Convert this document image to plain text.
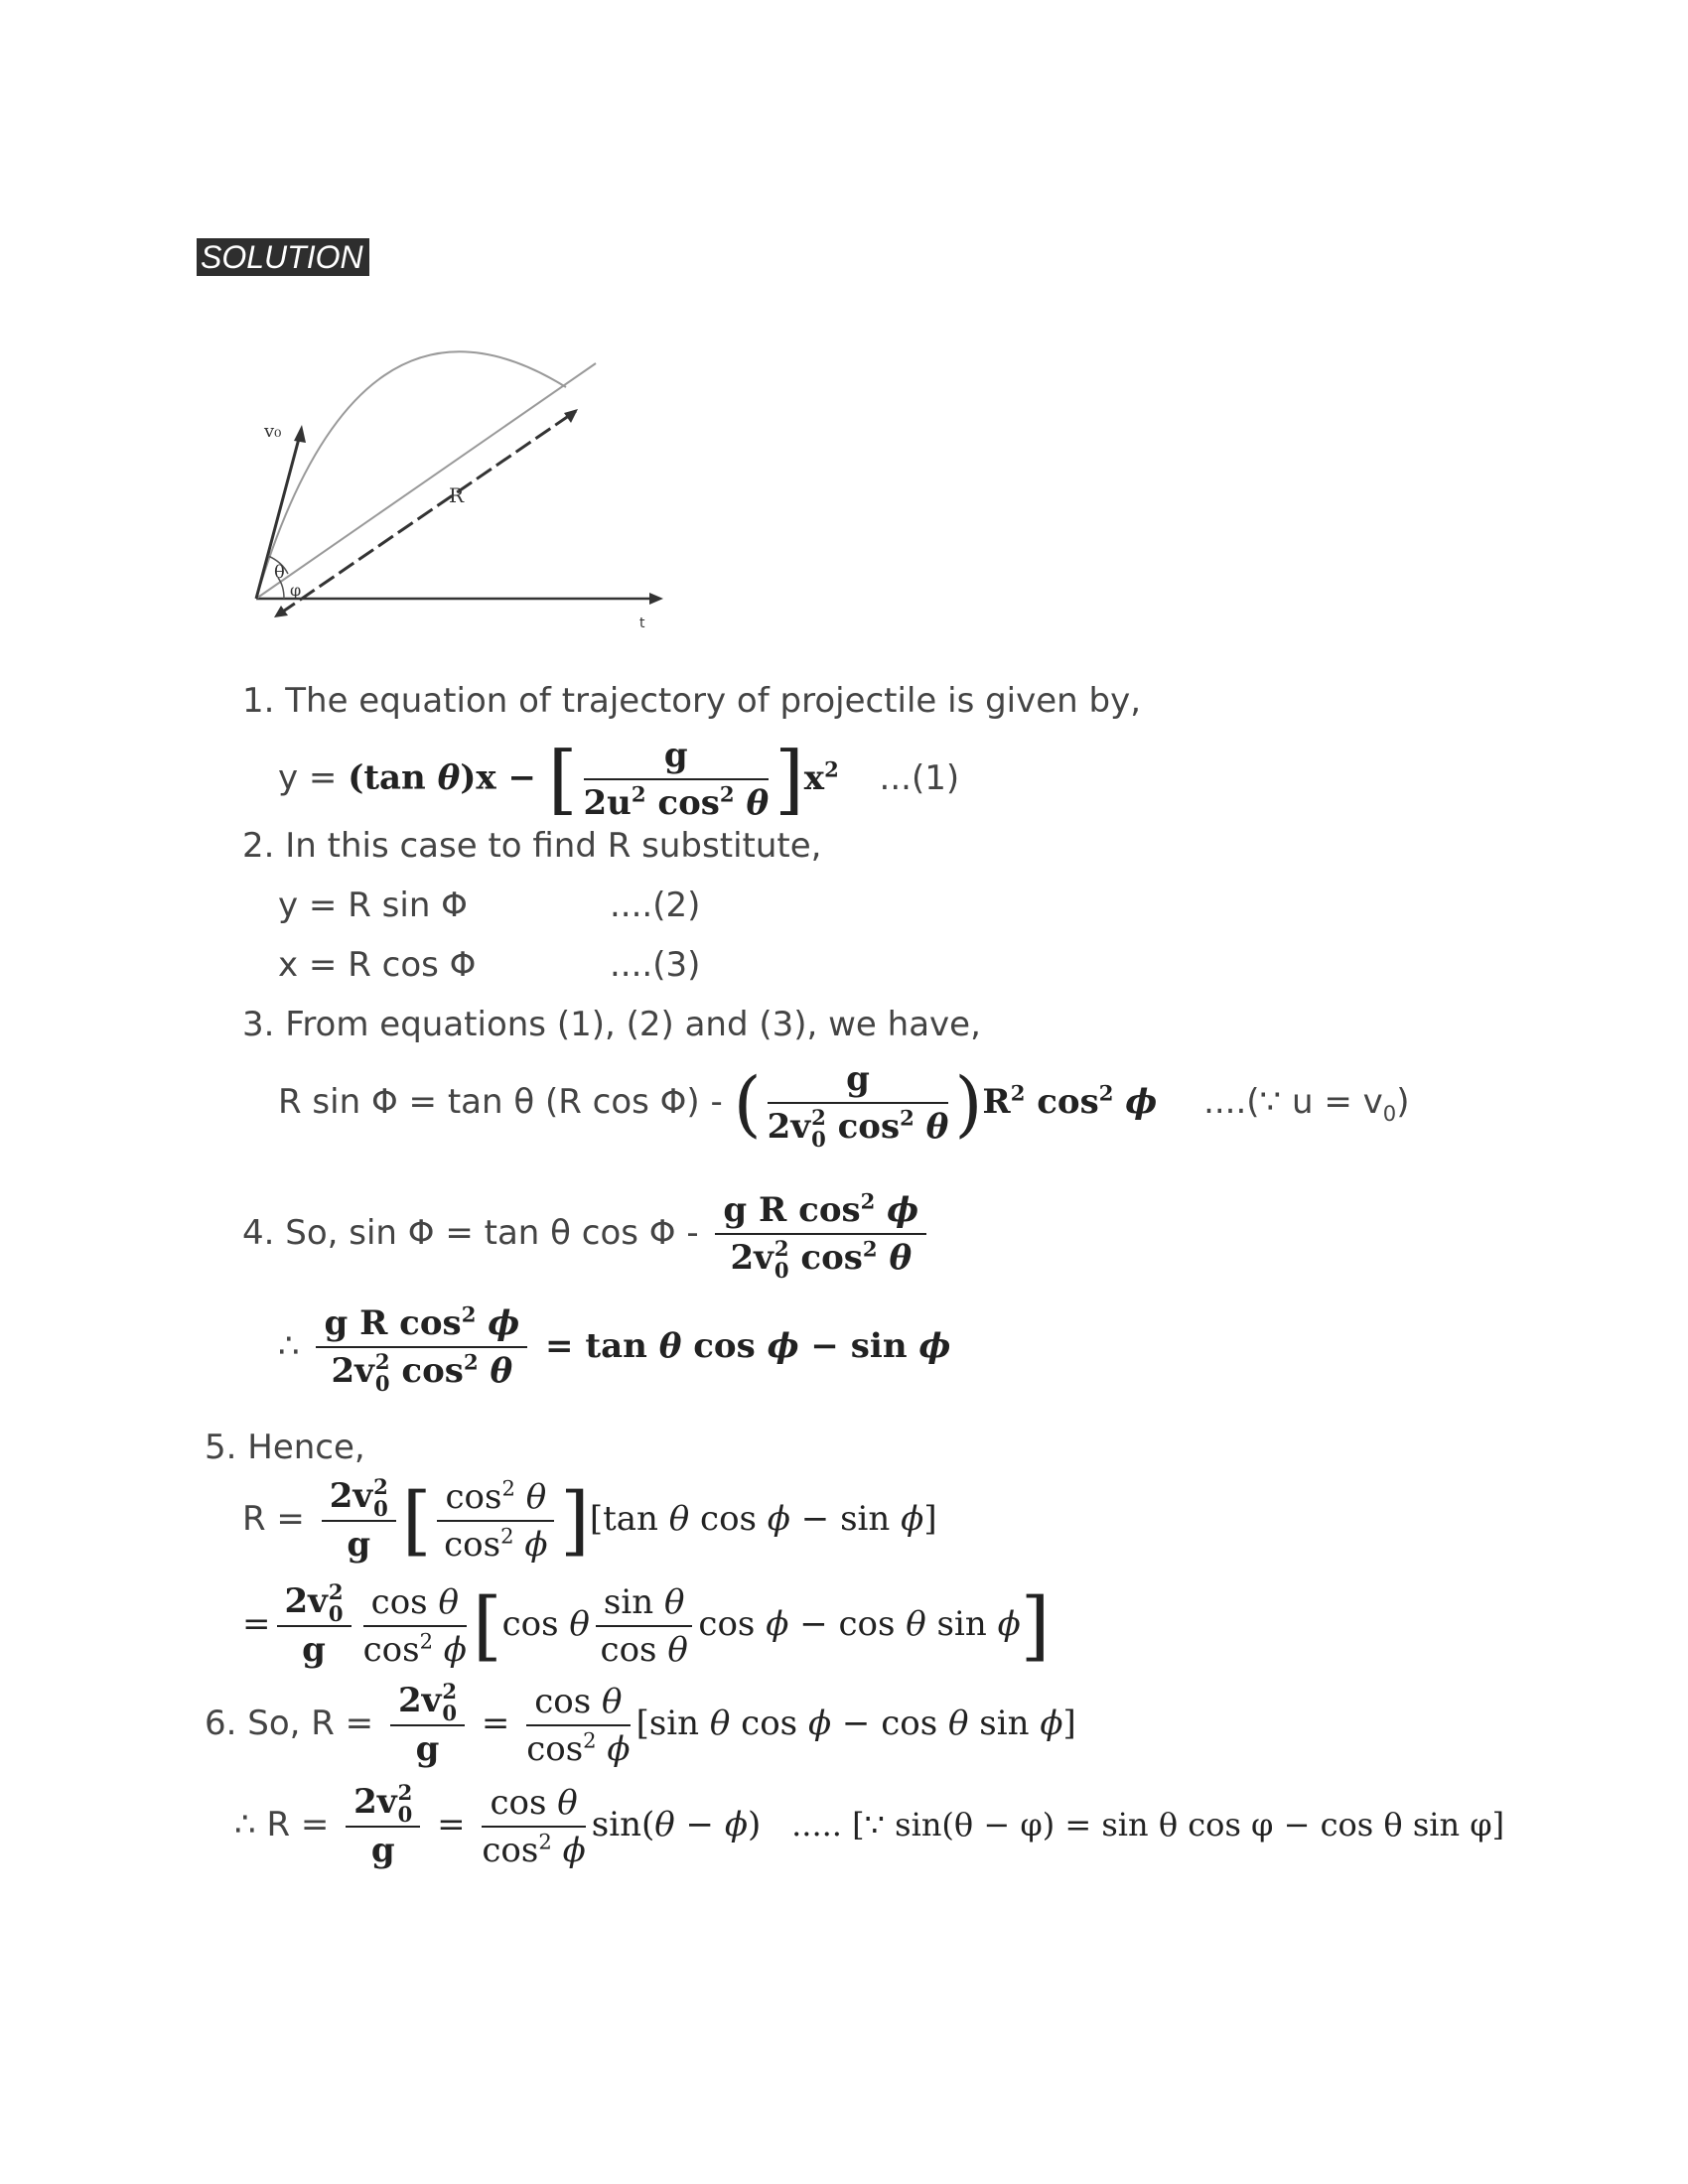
SOLUTION
v₀
θ
φ
R
t
1. The equation of trajectory of projectile is given by,
y = (tan θ)x − [ $\frac{g}{2u^2 \cos^2 \theta} ]x^2$ ...(1)
2. In this case to find R substitute,
y = R sin Φ	....(2)
x = R cos Φ	....(3)
3. From equations (1), (2) and (3), we have,
R sin Φ = tan θ (R cos Φ) - ( g
2v 2
0 $\cos^2 \theta$ )$R^2$ $\cos^2 \phi$ ....(∵ $u = v_0$)
4. So, sin Φ = tan θ cos Φ - g R $\cos^2 \phi$
2v 2
0 $\cos^2 \theta$
∴ g R $\cos^2 \phi$
2v 2
0 $\cos^2 \theta = \tan \theta$ cos ϕ − sin ϕ
5. Hence,
R = 2v 2
0
g [ $\frac{\cos^2 \theta}{\cos^2 \phi} ][\tan$ θ cos ϕ − sin ϕ]
= 2v 2
0
g $\frac{\text{cos θ}}{\cos^2 \phi} [\cos$ θ $\frac{\text{sin θ}}{\text{cos θ}}$ cos ϕ − cos θ sin ϕ]
6. So, R = 2v 2
0
$g = \frac{\text{cos θ}}{\cos^2 \phi} [\sin$ θ cos ϕ − cos θ sin ϕ]
∴ R = 2v 2
0
$g = \frac{\text{cos θ}}{\cos^2 \phi} \sin(\theta - \phi)$ ..... [∵ sin(θ − φ) = sin θ cos φ − cos θ sin φ]
